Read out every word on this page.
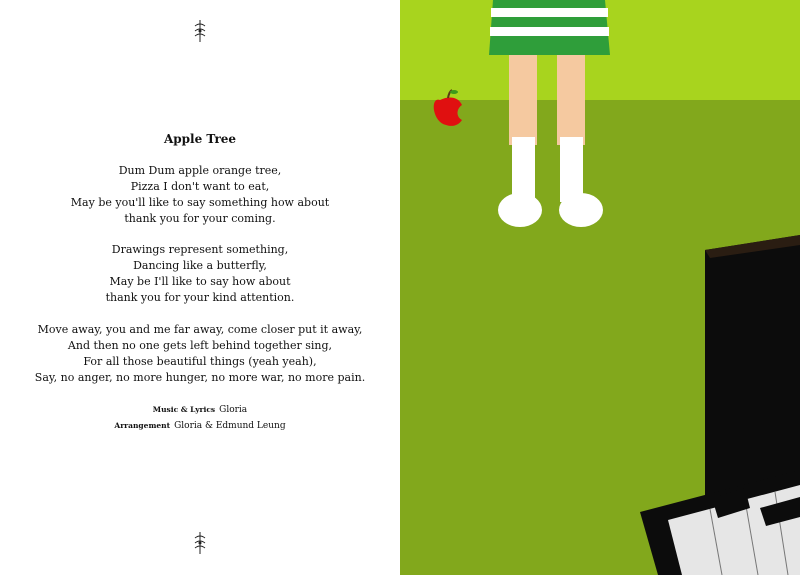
Apple Tree
Dum Dum apple orange tree,
Pizza I don't want to eat,
May be you'll like to say something how about
thank you for your coming.
Drawings represent something,
Dancing like a butterfly,
May be I'll like to say how about
thank you for your kind attention.
Move away, you and me far away, come closer put it away,
And then no one gets left behind together sing,
For all those beautiful things (yeah yeah),
Say, no anger, no more hunger, no more war, no more pain.
Music & Lyrics Gloria
Arrangement Gloria & Edmund Leung
